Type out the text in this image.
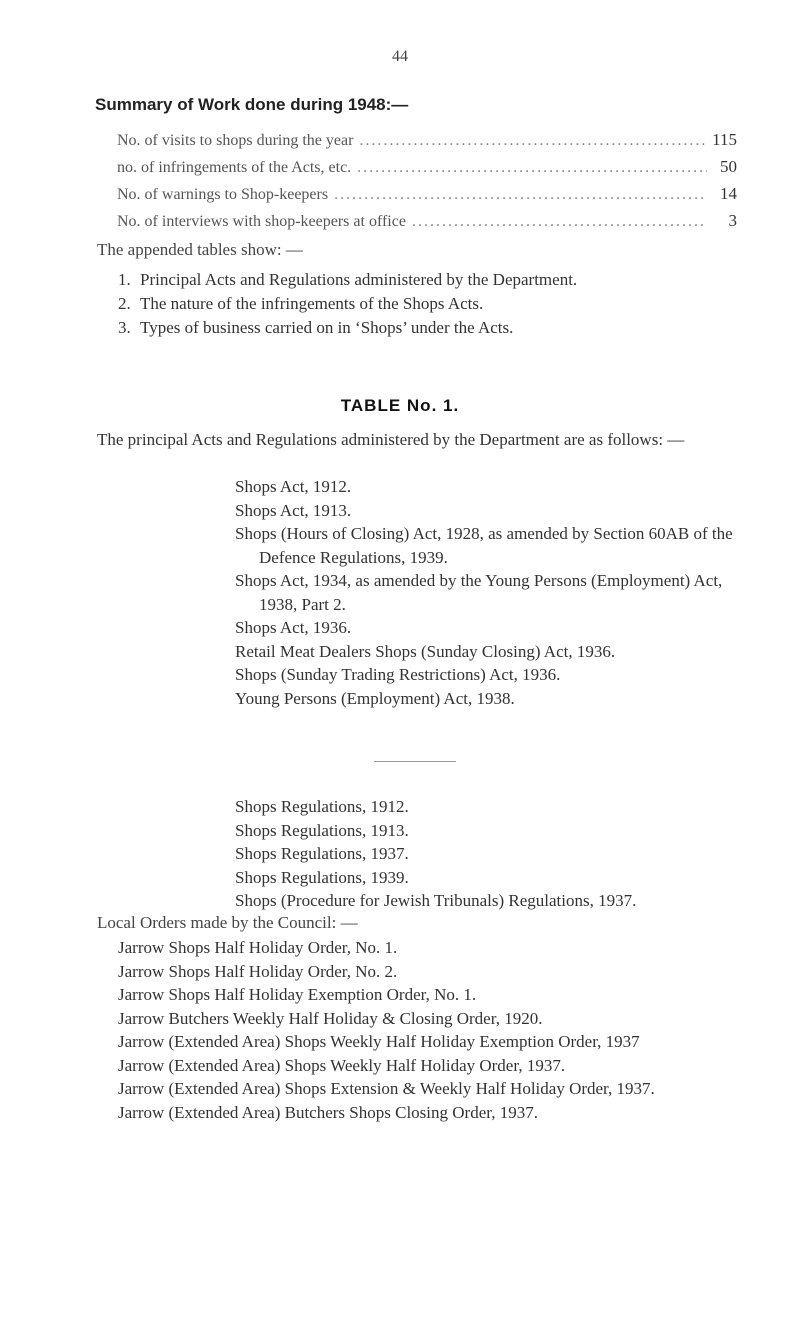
44
Summary of Work done during 1948:—
No. of visits to shops during the year .....	115
no. of infringements of the Acts, etc. .....	50
No. of warnings to Shop-keepers .....	14
No. of interviews with shop-keepers at office .....	3
The appended tables show: —
1. Principal Acts and Regulations administered by the Department.
2. The nature of the infringements of the Shops Acts.
3. Types of business carried on in ‘Shops’ under the Acts.
TABLE No. 1.
The principal Acts and Regulations administered by the Department are as follows: —
Shops Act, 1912.
Shops Act, 1913.
Shops (Hours of Closing) Act, 1928, as amended by Section 60AB of the Defence Regulations, 1939.
Shops Act, 1934, as amended by the Young Persons (Employment) Act, 1938, Part 2.
Shops Act, 1936.
Retail Meat Dealers Shops (Sunday Closing) Act, 1936.
Shops (Sunday Trading Restrictions) Act, 1936.
Young Persons (Employment) Act, 1938.
Shops Regulations, 1912.
Shops Regulations, 1913.
Shops Regulations, 1937.
Shops Regulations, 1939.
Shops (Procedure for Jewish Tribunals) Regulations, 1937.
Local Orders made by the Council: —
Jarrow Shops Half Holiday Order, No. 1.
Jarrow Shops Half Holiday Order, No. 2.
Jarrow Shops Half Holiday Exemption Order, No. 1.
Jarrow Butchers Weekly Half Holiday & Closing Order, 1920.
Jarrow (Extended Area) Shops Weekly Half Holiday Exemption Order, 1937
Jarrow (Extended Area) Shops Weekly Half Holiday Order, 1937.
Jarrow (Extended Area) Shops Extension & Weekly Half Holiday Order, 1937.
Jarrow (Extended Area) Butchers Shops Closing Order, 1937.
